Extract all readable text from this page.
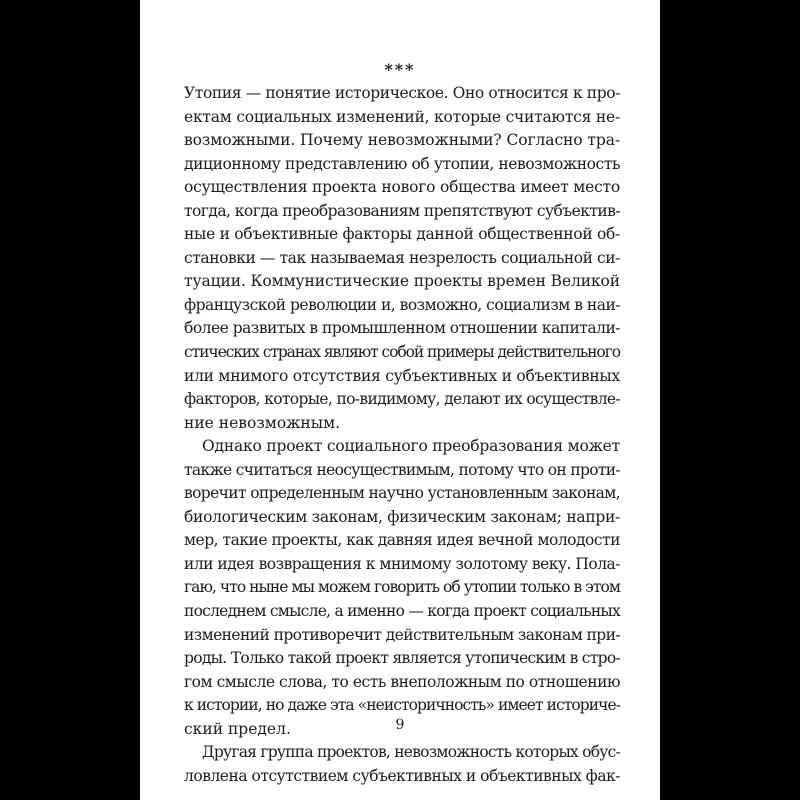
***
Утопия — понятие историческое. Оно относится к про-
ектам социальных изменений, которые считаются не-
возможными. Почему невозможными? Согласно тра-
диционному представлению об утопии, невозможность
осуществления проекта нового общества имеет место
тогда, когда преобразованиям препятствуют субъектив-
ные и объективные факторы данной общественной об-
становки — так называемая незрелость социальной си-
туации. Коммунистические проекты времен Великой
французской революции и, возможно, социализм в наи-
более развитых в промышленном отношении капитали-
стических странах являют собой примеры действительного
или мнимого отсутствия субъективных и объективных
факторов, которые, по-видимому, делают их осуществле-
ние невозможным.
Однако проект социального преобразования может
также считаться неосуществимым, потому что он проти-
воречит определенным научно установленным законам,
биологическим законам, физическим законам; напри-
мер, такие проекты, как давняя идея вечной молодости
или идея возвращения к мнимому золотому веку. Пола-
гаю, что ныне мы можем говорить об утопии только в этом
последнем смысле, а именно — когда проект социальных
изменений противоречит действительным законам при-
роды. Только такой проект является утопическим в стро-
гом смысле слова, то есть внеположным по отношению
к истории, но даже эта «неисторичность» имеет историче-
ский предел.
Другая группа проектов, невозможность которых обус-
ловлена отсутствием субъективных и объективных фак-
9
